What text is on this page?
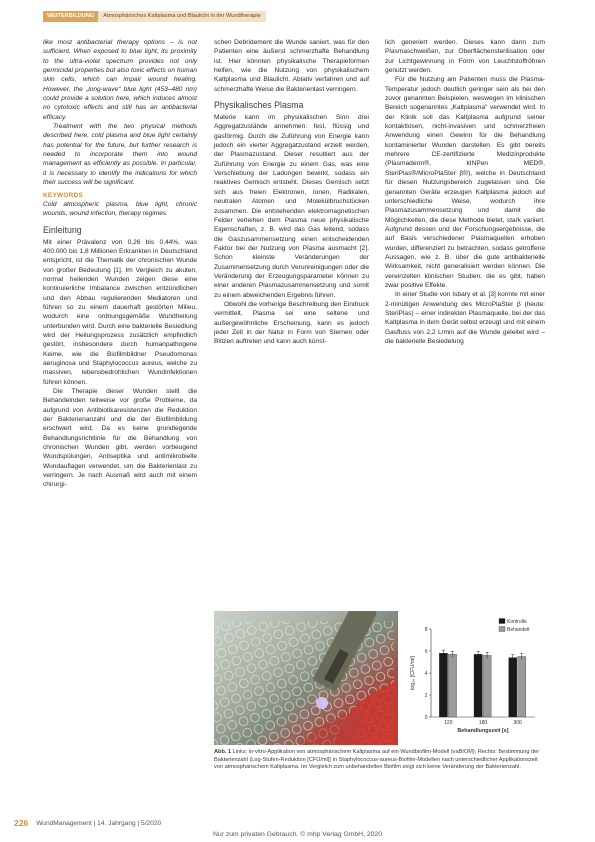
WEITERBILDUNG	Atmosphärisches Kaltplasma und Blaulicht in der Wundtherapie

like most antibacterial therapy options – is not sufficient. When exposed to blue light, its proximity to the ultra-violet spectrum provides not only germicidal properties but also toxic effects on human skin cells, which can impair wound healing. However, the „long-wave“ blue light (453–480 nm) could provide a solution here, which induces almost no cytotoxic effects and still has an antibacterial efficacy.

Treatment with the two physical methods described here, cold plasma and blue light certainly has potential for the future, but further research is needed to incorporate them into wound management as efficiently as possible. In particular, it is necessary to identify the indications for which their success will be significant.

KEYWORDS

Cold atmospheric plasma, blue light, chronic wounds, wound infection, therapy regimes

Einleitung

Mit einer Prävalenz von 0,26 bis 0,44%, was 400.000 bis 1,8 Millionen Erkrankten in Deutschland entspricht, ist die Thematik der chronischen Wunde von großer Bedeutung [1]. Im Vergleich zu akuten, normal heilenden Wunden zeigen diese eine kontinuierliche Imbalance zwischen entzündlichen und den Abbau regulierenden Mediatoren und führen so zu einem dauerhaft gestörten Milieu, wodurch eine ordnungsgemäße Wundheilung unterbunden wird. Durch eine bakterielle Besiedlung wird der Heilungsprozess zusätzlich empfindlich gestört, insbesondere durch humanpathogene Keime, wie die Biofilmbildner Pseudomonas aeruginosa und Staphylococcus aureus, welche zu massiven, lebensbedrohlichen Wundinfektionen führen können.

Die Therapie dieser Wunden stellt die Behandelnden teilweise vor große Probleme, da aufgrund von Antibiotikaresistenzen die Reduktion der Bakterienanzahl und die der Biofilmbildung erschwert wird. Da es keine grundlegende Behandlungsrichtlinie für die Behandlung von chronischen Wunden gibt, werden vorbeugend Wundspülungen, Antiseptika und antimikrobielle Wundauflagen verwendet, um die Bakterienlast zu verringern. Je nach Ausmaß wird auch mit einem chirurgi-

schen Debridement die Wunde saniert, was für den Patienten eine äußerst schmerzhafte Behandlung ist. Hier könnten physikalische Therapieformen helfen, wie die Nutzung von physikalischem Kaltplasma und Blaulicht. Ablativ verfahren und auf schmerzhafte Weise die Bakterienlast verringern.

Physikalisches Plasma

Materie kann im physikalischen Sinn drei Aggregatzustände annehmen: fest, flüssig und gasförmig. Durch die Zuführung von Energie kann jedoch ein vierter Aggregatzustand erzielt werden, der Plasmazustand. Dieser resultiert aus der Zuführung von Energie zu einem Gas, was eine Verschiebung der Ladungen bewirkt, sodass ein reaktives Gemisch entsteht. Dieses Gemisch setzt sich aus freien Elektronen, Ionen, Radikalen, neutralen Atomen und Molekülbruchstücken zusammen. Die entstehenden elektromagnetischen Felder verleihen dem Plasma neue physikalische Eigenschaften, z. B. wird das Gas leitend, sodass die Gaszusammensetzung einen entscheidenden Faktor bei der Nutzung von Plasma ausmacht [2]. Schon kleinste Veränderungen der Zusammensetzung durch Verunreinigungen oder die Veränderung der Erzeugungsparameter können zu einer anderen Plasmazusammensetzung und somit zu einem abweichenden Ergebnis führen.

Obwohl die vorherige Beschreibung den Eindruck vermittelt, Plasma sei eine seltene und außergewöhnliche Erscheinung, kann es jedoch jeder Zeit in der Natur in Form von Sternen oder Blitzen auftreten und kann auch künst-

lich generiert werden. Dieses kann dann zum Plasmaschweißen, zur Oberflächensterilisation oder zur Lichtgewinnung in Form von Leuchtstoffröhren genutzt werden.

Für die Nutzung am Patienten muss die Plasma-Temperatur jedoch deutlich geringer sein als bei den zuvor genannten Beispielen, weswegen im klinischen Bereich sogenanntes „Kaltplasma“ verwendet wird. In der Klinik soll das Kaltplasma aufgrund seiner kontaktlosen, nicht-invasiven und schmerzfreien Anwendung einen Gewinn für die Behandlung kontaminierter Wunden darstellen. Es gibt bereits mehrere CE-zertifizierte Medizinprodukte (Plasmaderm®, kINPen MED®, SteriPlas®/MicroPlaSter β®), welche in Deutschland für diesen Nutzungsbereich zugelassen sind. Die genannten Geräte erzeugen Kaltplasma jedoch auf unterschiedliche Weise, wodurch ihre Plasmazusammensetzung und damit die Möglichkeiten, die diese Methode bietet, stark variiert. Aufgrund dessen und der Forschungsergebnisse, die auf Basis verschiedener Plasmaquellen erhoben wurden, differenziert zu betrachten, sodass getroffene Aussagen, wie z. B. über die gute antibakterielle Wirksamkeit, nicht generalisiert werden können. Die vereinzelten klinischen Studien, die es gibt, haben zwar positive Effekte.

In einer Studie von Isbary et al. [3] konnte mit einer 2-minütigen Anwendung des MicroPlaSter β (heute: SteriPlas) – einer indirekten Plasmaquelle, bei der das Kaltplasma in dem Gerät selbst erzeugt und mit einem Gasfluss von 2,2 L/min auf die Wunde geleitet wird – die bakterielle Besiedelung

0
2
4
6
8
log₁₀ [CFU/ml]
120	180	300
Behandlungszeit [s]
Kontrolle
Behandelt
Abb. 1 Links: in-vitro-Applikation von atmosphärischem Kaltplasma auf ein Wundbiofilm-Modell (vaBIOM); Rechts: Bestimmung der Bakterienzahl (Log-Stufen-Reduktion [CFU/ml]) in Staphylococcus-aureus-Biofilm-Modellen nach unterschiedlicher Applikationszeit von atmosphärischem Kaltplasma. Im Vergleich zum unbehandelten Biofilm zeigt sich keine Veränderung der Bakterienzahl.
226 WundManagement | 14. Jahrgang | 5/2020
Nur zum privaten Gebrauch. © mhp Verlag GmbH, 2020
